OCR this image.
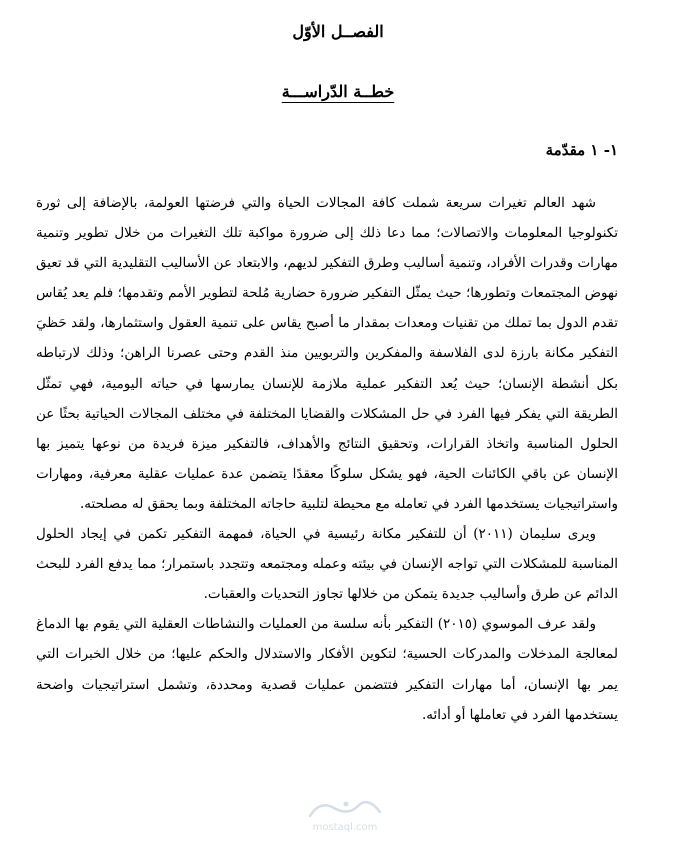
الفصــل الأوّل
خطــة الدّراســـة
١- ١ مقدّمة

شهد العالم تغيرات سريعة شملت كافة المجالات الحياة والتي فرضتها العولمة، بالإضافة إلى ثورة تكنولوجيا المعلومات والاتصالات؛ مما دعا ذلك إلى ضرورة مواكبة تلك التغيرات من خلال تطوير وتنمية مهارات وقدرات الأفراد، وتنمية أساليب وطرق التفكير لديهم، والابتعاد عن الأساليب التقليدية التي قد تعيق نهوض المجتمعات وتطورها؛ حيث يمثّل التفكير ضرورة حضارية مُلحة لتطوير الأمم وتقدمها؛ فلم يعد يُقاس تقدم الدول بما تملك من تقنيات ومعدات بمقدار ما أصبح يقاس على تنمية العقول واستثمارها، ولقد حَظيَ التفكير مكانة بارزة لدى الفلاسفة والمفكرين والتربويين منذ القدم وحتى عصرنا الراهن؛ وذلك لارتباطه بكل أنشطة الإنسان؛ حيث يُعد التفكير عملية ملازمة للإنسان يمارسها في حياته اليومية، فهي تمثّل الطريقة التي يفكر فيها الفرد في حل المشكلات والقضايا المختلفة في مختلف المجالات الحياتية بحثًا عن الحلول المناسبة واتخاذ القرارات، وتحقيق النتائج والأهداف، فالتفكير ميزة فريدة من نوعها يتميز بها الإنسان عن باقي الكائنات الحية، فهو يشكل سلوكًا معقدًا يتضمن عدة عمليات عقلية معرفية، ومهارات واستراتيجيات يستخدمها الفرد في تعامله مع محيطة لتلبية حاجاته المختلفة وبما يحقق له مصلحته.

ويرى سليمان (٢٠١١) أن للتفكير مكانة رئيسية في الحياة، فمهمة التفكير تكمن في إيجاد الحلول المناسبة للمشكلات التي تواجه الإنسان في بيئته وعمله ومجتمعه وتتجدد باستمرار؛ مما يدفع الفرد للبحث الدائم عن طرق وأساليب جديدة يتمكن من خلالها تجاوز التحديات والعقبات.

ولقد عرف الموسوي (٢٠١٥) التفكير بأنه سلسة من العمليات والنشاطات العقلية التي يقوم بها الدماغ لمعالجة المدخلات والمدركات الحسية؛ لتكوين الأفكار والاستدلال والحكم عليها؛ من خلال الخبرات التي يمر بها الإنسان، أما مهارات التفكير فتتضمن عمليات قصدية ومحددة، وتشمل استراتيجيات واضحة يستخدمها الفرد في تعاملها أو أدائه.

mostaql.com
